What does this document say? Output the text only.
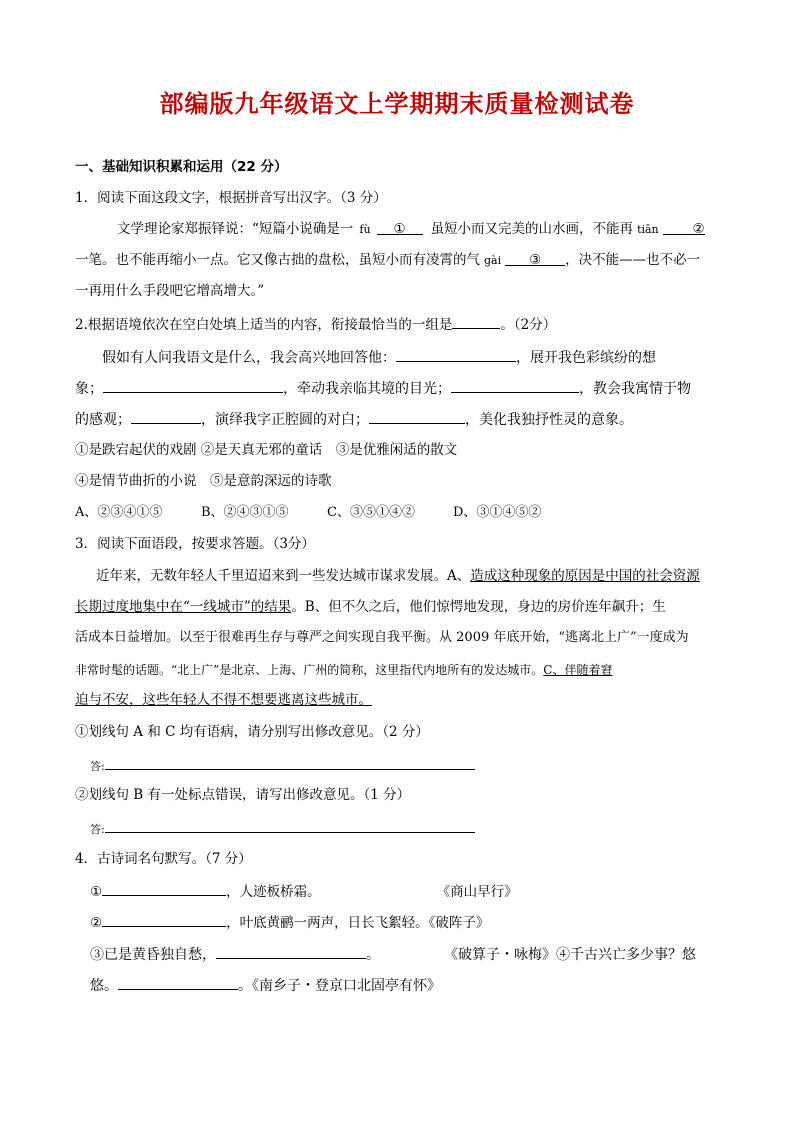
部编版九年级语文上学期期末质量检测试卷
一、基础知识积累和运用（22 分）
1．阅读下面这段文字，根据拼音写出汉字。（3 分）
文学理论家郑振铎说：“短篇小说确是一 fù ① 虽短小而又完美的山水画，不能再 tiān	②
一笔。也不能再缩小一点。它又像古拙的盘松，虽短小而有凌霄的气 gài ③ ，决不能——也不必一
一再用什么手段吧它增高增大。”
2.根据语境依次在空白处填上适当的内容，衔接最恰当的一组是	。（2分）
假如有人问我语文是什么，我会高兴地回答他：	，展开我色彩缤纷的想
象；	，牵动我亲临其境的目光；	，教会我寓情于物
的感观；	，演绎我字正腔圆的对白；	，美化我独抒性灵的意象。
①是跌宕起伏的戏剧 ②是天真无邪的童话　③是优雅闲适的散文
④是情节曲折的小说　⑤是意韵深远的诗歌
A、②③④①⑤	B、②④③①⑤	C、③⑤①④②	D、③①④⑤②
3．阅读下面语段，按要求答题。（3分）
近年来，无数年轻人千里迢迢来到一些发达城市谋求发展。A、造成这种现象的原因是中国的社会资源
长期过度地集中在“一线城市”的结果。B、但不久之后，他们惊愕地发现，身边的房价连年飙升；生
活成本日益增加。以至于很难再生存与尊严之间实现自我平衡。从 2009 年底开始，“逃离北上广”一度成为
非常时髦的话题。“北上广”是北京、上海、广州的简称，这里指代内地所有的发达城市。C、伴随着窘
迫与不安，这些年轻人不得不想要逃离这些城市。
①划线句 A 和 C 均有语病，请分别写出修改意见。（2 分）
答:
②划线句 B 有一处标点错误，请写出修改意见。（1 分）
答:
4．古诗词名句默写。（7 分）
①	，人迹板桥霜。	《商山早行》
②	，叶底黄鹂一两声，日长飞絮轻。《破阵子》
③已是黄昏独自愁，	。	《破算子・咏梅》④千古兴亡多少事？悠
悠。	。《南乡子・登京口北固亭有怀》
